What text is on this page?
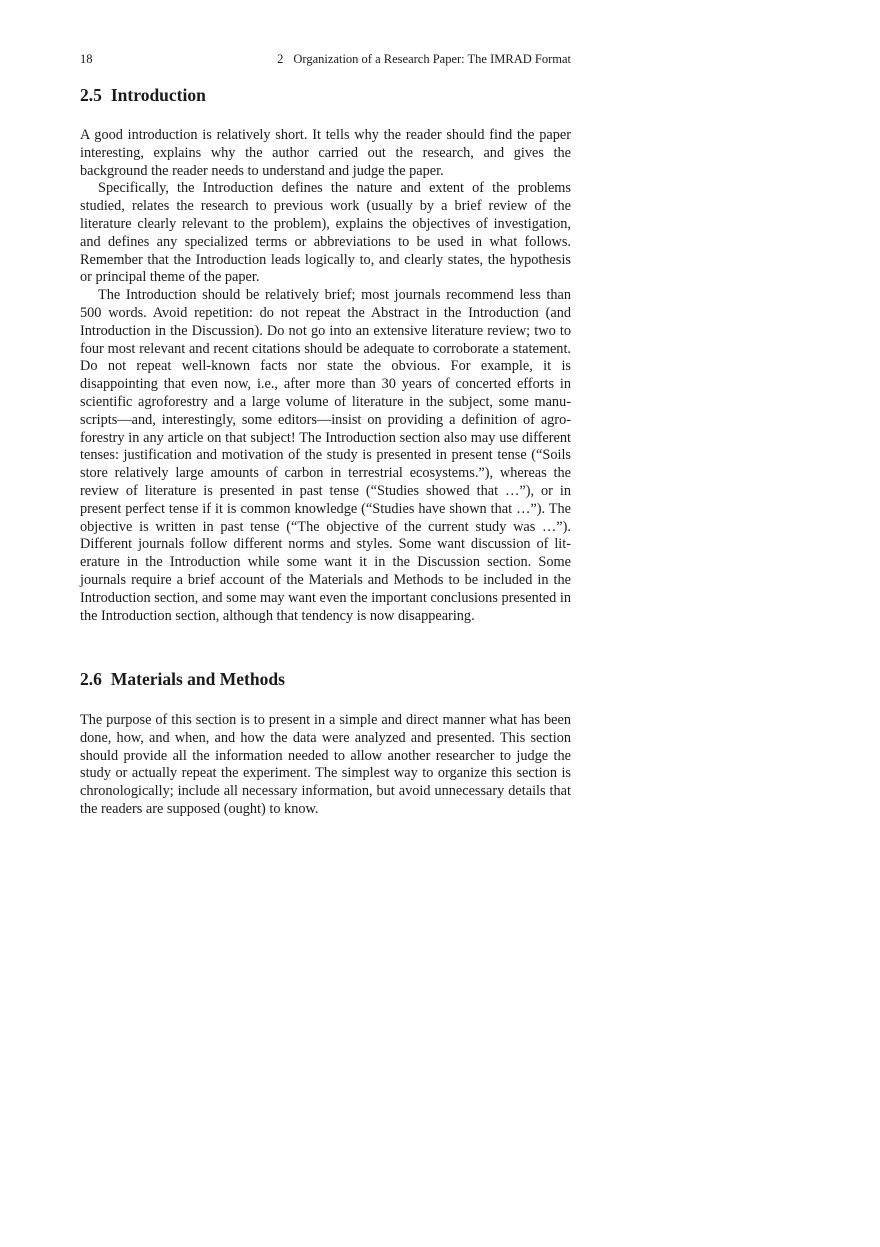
18	2 Organization of a Research Paper: The IMRAD Format
2.5 Introduction

A good introduction is relatively short. It tells why the reader should find the paper interesting, explains why the author carried out the research, and gives the background the reader needs to understand and judge the paper.

Specifically, the Introduction defines the nature and extent of the problems studied, relates the research to previous work (usually by a brief review of the literature clearly relevant to the problem), explains the objectives of investigation, and defines any specialized terms or abbreviations to be used in what follows. Remember that the Introduction leads logically to, and clearly states, the hypothesis or principal theme of the paper.

The Introduction should be relatively brief; most journals recommend less than 500 words. Avoid repetition: do not repeat the Abstract in the Introduction (and Introduction in the Discussion). Do not go into an extensive literature review; two to four most relevant and recent citations should be adequate to corroborate a statement. Do not repeat well-known facts nor state the obvious. For example, it is disappointing that even now, i.e., after more than 30 years of concerted efforts in scientific agroforestry and a large volume of literature in the subject, some manuscripts—and, interestingly, some editors—insist on providing a definition of agroforestry in any article on that subject! The Introduction section also may use different tenses: justification and motivation of the study is presented in present tense (“Soils store relatively large amounts of carbon in terrestrial ecosystems.”), whereas the review of literature is presented in past tense (“Studies showed that …”), or in present perfect tense if it is common knowledge (“Studies have shown that …”). The objective is written in past tense (“The objective of the current study was …”). Different journals follow different norms and styles. Some want discussion of literature in the Introduction while some want it in the Discussion section. Some journals require a brief account of the Materials and Methods to be included in the Introduction section, and some may want even the important conclusions presented in the Introduction section, although that tendency is now disappearing.

2.6 Materials and Methods

The purpose of this section is to present in a simple and direct manner what has been done, how, and when, and how the data were analyzed and presented. This section should provide all the information needed to allow another researcher to judge the study or actually repeat the experiment. The simplest way to organize this section is chronologically; include all necessary information, but avoid unnecessary details that the readers are supposed (ought) to know.
